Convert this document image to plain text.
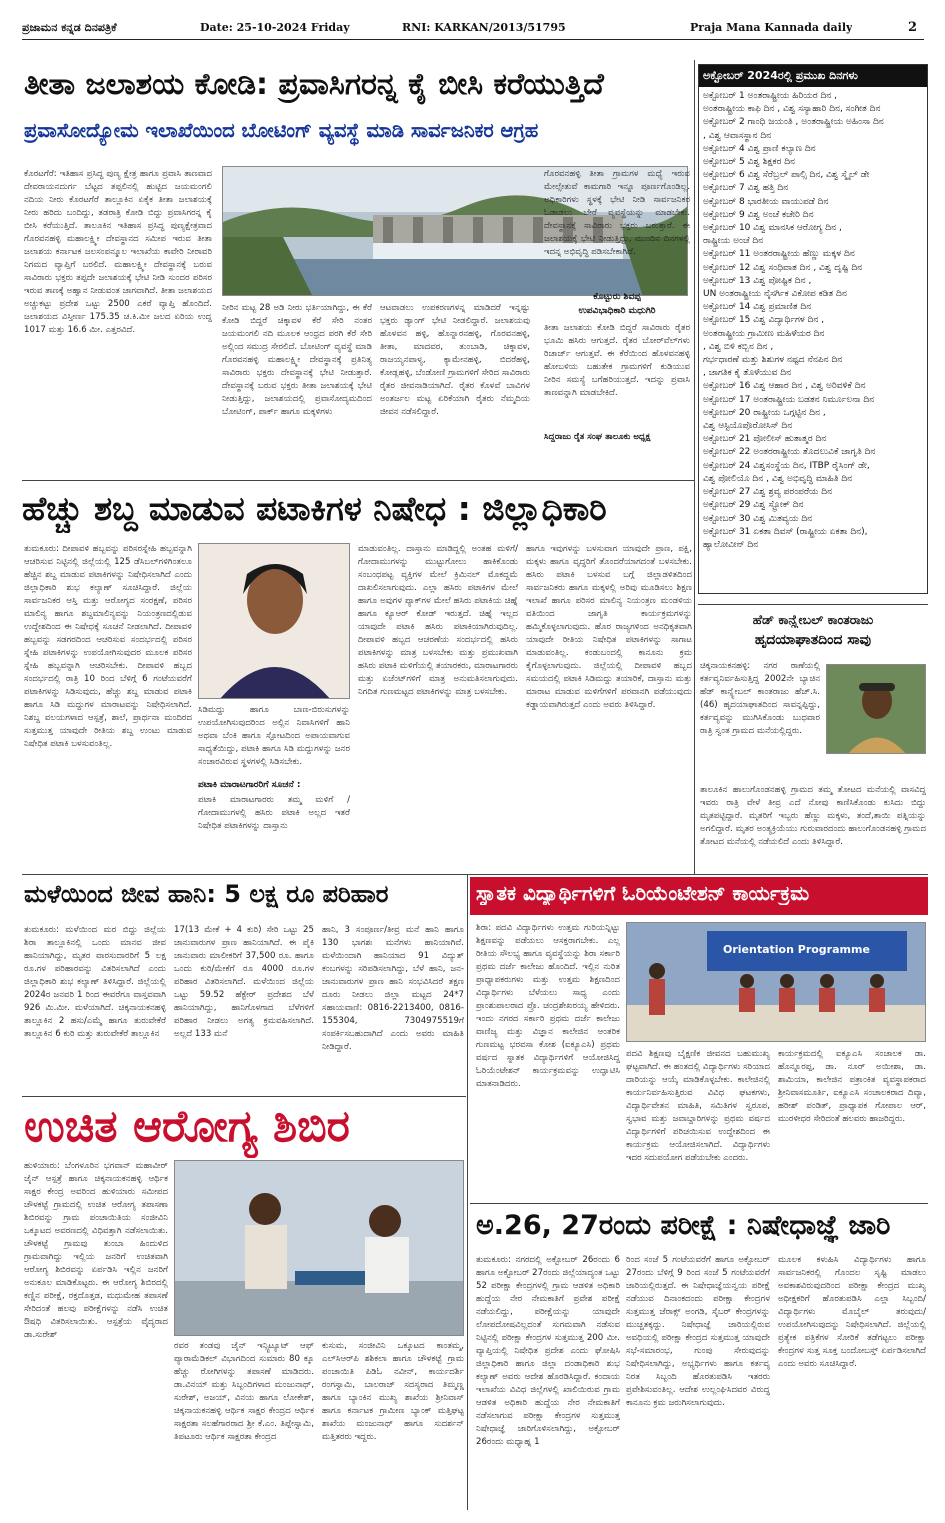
ಪ್ರಜಾಮನ ಕನ್ನಡ ದಿನಪತ್ರಿಕೆ	Date: 25-10-2024 Friday	RNI: KARKAN/2013/51795	Praja Mana Kannada daily	2
ತೀತಾ ಜಲಾಶಯ ಕೋಡಿ: ಪ್ರವಾಸಿಗರನ್ನ ಕೈ ಬೀಸಿ ಕರೆಯುತ್ತಿದೆ
ಪ್ರವಾಸೋದ್ಯೋಮ ಇಲಾಖೆಯಿಂದ ಬೋಟಿಂಗ್ ವ್ಯವಸ್ಥೆ ಮಾಡಿ ಸಾರ್ವಜನಿಕರ ಆಗ್ರಹ
ಕೊರಟಗೆರೆ: ಇತಿಹಾಸ ಪ್ರಸಿದ್ಧ ಪುಣ್ಯ ಕ್ಷೇತ್ರ ಹಾಗೂ ಪ್ರವಾಸಿ ತಾಣವಾದ ದೇವರಾಯನದುರ್ಗ ಬೆಟ್ಟದ ತಪ್ಪಲಿನಲ್ಲಿ ಹುಟ್ಟಿದ ಜಯಮಂಗಲಿ ನದಿಯ ನೀರು ಕೊರಟಗೆರೆ ತಾಲ್ಲೂಕಿನ ಏಕೈಕ ತೀತಾ ಜಲಾಶಯಕ್ಕೆ ನೀರು ಹರಿದು ಬಂದಿದ್ದು, ತಡರಾತ್ರಿ ಕೋಡಿ ಬಿದ್ದು ಪ್ರವಾಸಿಗರನ್ನ ಕೈ ಬೀಸಿ ಕರೆಯುತ್ತಿದೆ. ತಾಲೂಕಿನ ಇತಿಹಾಸ ಪ್ರಸಿದ್ಧ ಪುಣ್ಯಕ್ಷೇತ್ರವಾದ ಗೊರವನಹಳ್ಳಿ ಮಹಾಲಕ್ಷ್ಮೀ ದೇವಸ್ಥಾನದ ಸಮೀಪ ಇರುವ ತೀತಾ ಜಲಾಶಯ ಕರ್ನಾಟಕ ಜಲಸಂಪನ್ಮೂಲ ಇಲಾಖೆಯ ಕಾವೇರಿ ನೀರಾವರಿ ನಿಗಮದ ವ್ಯಾಪ್ತಿಗೆ ಬರಲಿದೆ. ಮಹಾಲಕ್ಷ್ಮೀ ದೇವಸ್ಥಾನಕ್ಕೆ ಬರುವ ಸಾವಿರಾರು ಭಕ್ತರು ತಪ್ಪದೇ ಜಲಾಶಯಕ್ಕೆ ಭೇಟಿ ನೀಡಿ ಸುಂದರ ಪರಿಸರ ಇರುವ ತಾಣಕ್ಕೆ ಅಹ್ವಾನ ನೀಡುವಂತ ಜಾಗವಾಗಿದೆ. ತೀತಾ ಜಲಾಶಯದ ಅಚ್ಚುಕಟ್ಟು ಪ್ರದೇಶ ಒಟ್ಟು 2500 ಎಕರೆ ವ್ಯಾಪ್ತಿ ಹೊಂದಿದೆ. ಜಲಾಶಯದ ವಿಸ್ತೀರ್ಣ 175.35 ಚ.ಕಿ.ಮೀ ಜಲದ ಏರಿಯ ಉದ್ದ 1017 ಮತ್ತು 16.6 ಮೀ. ಎತ್ತರವಿದೆ.
ನೀರಿನ ಮಟ್ಟ 28 ಅಡಿ ನೀರು ಭರ್ತಿಯಾಗಿದ್ದು, ಈ ಕೆರೆ ಕೋಡಿ ಬಿದ್ದರೆ ಚಿಕ್ಕಾವಳ ಕೆರೆ ಸೇರಿ ನಂತರ ಜಯಮಂಗಲಿ ನದಿ ಮೂಲಕ ಆಂಧ್ರದ ಪರಗಿ ಕೆರೆ ಸೇರಿ ಅಲ್ಲಿಂದ ಸಮುದ್ರ ಸೇರಲಿದೆ. ಬೋಟಿಂಗ್ ವ್ಯವಸ್ಥೆ ಮಾಡಿ ಗೊರವನಹಳ್ಳಿ ಮಹಾಲಕ್ಷ್ಮೀ ದೇವಸ್ಥಾನಕ್ಕೆ ಪ್ರತಿನಿತ್ಯ ಸಾವಿರಾರು ಭಕ್ತರು ದೇವಸ್ಥಾನಕ್ಕೆ ಭೇಟಿ ನೀಡುತ್ತಾರೆ. ದೇವಸ್ಥಾನಕ್ಕೆ ಬರುವ ಭಕ್ತರು ತೀತಾ ಜಲಾಶಯಕ್ಕೆ ಭೇಟಿ ನೀಡುತ್ತಿದ್ದು, ಜಲಾಶಯದಲ್ಲಿ ಪ್ರವಾಸೋದ್ಯಮದಿಂದ ಬೋಟಿಂಗ್, ಪಾರ್ಕ್ ಹಾಗೂ ಮಕ್ಕಳಿಗಳು
ಆಟವಾಡಲು ಉಪಕರಣಗಳನ್ನ ಮಾಡಿದರೆ ಇನ್ನಷ್ಟು ಭಕ್ತರು ಡ್ಯಾಂಗ್ ಭೇಟಿ ನೀಡಲಿದ್ದಾರೆ. ಜಲಾಶಯವು ಹೊಳವನ ಹಳ್ಳಿ, ಹೊನ್ನಾರನಹಳ್ಳಿ, ಗೊರವನಹಳ್ಳಿ, ತೀತಾ, ಮಾದವರ, ತುಂಬಾಡಿ, ಚಿಕ್ಕಾವಳ, ರಾಜಯ್ಯನಪಾಳ್ಯ, ಕ್ಯಾಮೇನಹಳ್ಳಿ, ಬಿದರೆಹಳ್ಳಿ, ಕೋಡ್ಲಹಳ್ಳಿ, ಬೆಂಡೋಣಿ ಗ್ರಾಮಗಳಿಗೆ ಸೇರಿದ ಸಾವಿರಾರು ರೈತರ ಜೀವನಾಡಿಯಾಗಿದೆ. ರೈತರ ಕೊಳವೆ ಬಾವಿಗಳ ಅಂತರ್ಜಲ ಮಟ್ಟ ಏರಿಕೆಯಾಗಿ ರೈತರು ನೆಮ್ಮದಿಯ ಜೀವನ ನಡೆಸಲಿದ್ದಾರೆ.
ಗೊರವನಹಳ್ಳಿ ತೀತಾ ಗ್ರಾಮಗಳ ಮಧ್ಯೆ ಇರುವ ಮೇಲ್ಸೇತುವೆ ಕಾಮಗಾರಿ ಇನ್ನೂ ಪೂರ್ಣಗೊಂಡಿಲ್ಲ. ಅಧಿಕಾರಿಗಳು ಸ್ಥಳಕ್ಕೆ ಭೇಟಿ ನೀಡಿ ಸಾರ್ವಜನಿಕರ ಓಡಾಡಲು ಬೇರೆ ವ್ಯವಸ್ಥೆಯನ್ನು ಮಾಡಬೇಕು. ದೇವಸ್ಥಾನಕ್ಕೆ ಸಾವಿರಾರು ಭಕ್ತರು ಬರುತ್ತಾರೆ. ಈ ಜಲಾಶಯಕ್ಕೆ ಭೇಟಿ ನೀಡುತ್ತಿದ್ದು, ಮುಂದಿನ ದಿನಗಳಲ್ಲಿ ಇದನ್ನ ಅಭಿವೃದ್ಧಿ ಪಡಿಸಬೇಕಾಗಿದೆ.
ಕೊಟ್ಟುರು ಶಿವಪ್ಪ
ಉಪವಿಭಾಧಿಕಾರಿ ಮಧುಗಿರಿ
ತೀತಾ ಜಲಾಶಯ ಕೋಡಿ ಬಿದ್ದರೆ ಸಾವಿರಾರು ರೈತರ ಭೂಮಿ ಹಸಿರು ಆಗುತ್ತದೆ. ರೈತರ ಬೋರ್‌ವೆಲ್‌ಗಳು ರಿಚಾರ್ಜ್ ಆಗುತ್ತವೆ. ಈ ಕೆರೆಯಿಂದ ಹೊಳವನಹಳ್ಳಿ ಹೋಬಳಿಯ ಬಹುತೇಕ ಗ್ರಾಮಗಳಿಗೆ ಕುಡಿಯುವ ನೀರಿನ ಸಮಸ್ಯೆ ಬಗೆಹರಿಯುತ್ತದೆ. ಇದನ್ನು ಪ್ರವಾಸಿ ತಾಣವನ್ನಾಗಿ ಮಾಡಬೇಕಿದೆ.
ಸಿದ್ದರಾಜು ರೈತ ಸಂಘ ತಾಲೂಕು ಅಧ್ಯಕ್ಷ
ಅಕ್ಟೋಬರ್ 2024ರಲ್ಲಿ ಪ್ರಮುಖ ದಿನಗಳು
ಅಕ್ಟೋಬರ್ 1 ಅಂತರಾಷ್ಟ್ರೀಯ ಹಿರಿಯರ ದಿನ ,
ಅಂತರಾಷ್ಟ್ರೀಯ ಕಾಫಿ ದಿನ , ವಿಶ್ವ ಸಸ್ಯಾಹಾರಿ ದಿನ, ಸಂಗೀತ ದಿನ
ಅಕ್ಟೋಬರ್ 2 ಗಾಂಧಿ ಜಯಂತಿ , ಅಂತರಾಷ್ಟ್ರೀಯ ಅಹಿಂಸಾ ದಿನ
, ವಿಶ್ವ ಆವಾಸಸ್ಥಾನ ದಿನ
ಅಕ್ಟೋಬರ್ 4 ವಿಶ್ವ ಪ್ರಾಣಿ ಕಲ್ಯಾಣ ದಿನ
ಅಕ್ಟೋಬರ್ 5 ವಿಶ್ವ ಶಿಕ್ಷಕರ ದಿನ
ಅಕ್ಟೋಬರ್ 6 ವಿಶ್ವ ಸೆರೆಬ್ರಲ್ ಪಾಲ್ಸಿ ದಿನ, ವಿಶ್ವ ಸ್ಮೈಲ್ ಡೇ
ಅಕ್ಟೋಬರ್ 7 ವಿಶ್ವ ಹತ್ತಿ ದಿನ
ಅಕ್ಟೋಬರ್ 8 ಭಾರತೀಯ ವಾಯುಪಡೆ ದಿನ
ಅಕ್ಟೋಬರ್ 9 ವಿಶ್ವ ಅಂಚೆ ಕಚೇರಿ ದಿನ
ಅಕ್ಟೋಬರ್ 10 ವಿಶ್ವ ಮಾನಸಿಕ ಆರೋಗ್ಯ ದಿನ ,
ರಾಷ್ಟ್ರೀಯ ಅಂಚೆ ದಿನ
ಅಕ್ಟೋಬರ್ 11 ಅಂತರರಾಷ್ಟ್ರೀಯ ಹೆಣ್ಣು ಮಕ್ಕಳ ದಿನ
ಅಕ್ಟೋಬರ್ 12 ವಿಶ್ವ ಸಂಧಿವಾತ ದಿನ , ವಿಶ್ವ ದೃಷ್ಟಿ ದಿನ
ಅಕ್ಟೋಬರ್ 13 ವಿಶ್ವ ಪೋಷ್ಟಿಕ ದಿನ ,
UN ಅಂತರಾಷ್ಟ್ರೀಯ ನೈಸರ್ಗಿಕ ವಿಕೋಪ ಕಡಿತ ದಿನ
ಅಕ್ಟೋಬರ್ 14 ವಿಶ್ವ ಪ್ರಮಾಣಿತ ದಿನ
ಅಕ್ಟೋಬರ್ 15 ವಿಶ್ವ ವಿದ್ಯಾರ್ಥಿಗಳ ದಿನ ,
ಅಂತರಾಷ್ಟ್ರೀಯ ಗ್ರಾಮೀಣ ಮಹಿಳೆಯರ ದಿನ
, ವಿಶ್ವ ಬಿಳಿ ಕಬ್ಬಿನ ದಿನ ,
ಗರ್ಭಧಾರಣೆ ಮತ್ತು ಶಿಶುಗಳ ನಷ್ಟದ ನೆನಪಿನ ದಿನ
, ಜಾಗತಿಕ ಕೈ ತೊಳೆಯುವ ದಿನ
ಅಕ್ಟೋಬರ್ 16 ವಿಶ್ವ ಆಹಾರ ದಿನ , ವಿಶ್ವ ಅರಿವಳಿಕೆ ದಿನ
ಅಕ್ಟೋಬರ್ 17 ಅಂತರಾಷ್ಟ್ರೀಯ ಬಡತನ ನಿರ್ಮೂಲನಾ ದಿನ
ಅಕ್ಟೋಬರ್ 20 ರಾಷ್ಟ್ರೀಯ ಒಗ್ಗಟ್ಟಿನ ದಿನ ,
ವಿಶ್ವ ಆಸ್ಟಿಯೊಪೊರೋಸಿಸ್ ದಿನ
ಅಕ್ಟೋಬರ್ 21 ಪೋಲೀಸ್ ಹುತಾತ್ಮರ ದಿನ
ಅಕ್ಟೋಬರ್ 22 ಅಂತರರಾಷ್ಟ್ರೀಯ ತೊದಲುವಿಕೆ ಜಾಗೃತಿ ದಿನ
ಅಕ್ಟೋಬರ್ 24 ವಿಶ್ವಸಂಸ್ಥೆಯ ದಿನ, ITBP ರೈಸಿಂಗ್ ಡೇ,
ವಿಶ್ವ ಪೋಲಿಯೊ ದಿನ , ವಿಶ್ವ ಅಭಿವೃದ್ಧಿ ಮಾಹಿತಿ ದಿನ
ಅಕ್ಟೋಬರ್ 27 ವಿಶ್ವ ಶ್ರವ್ಯ ಪರಂಪರೆಯ ದಿನ
ಅಕ್ಟೋಬರ್ 29 ವಿಶ್ವ ಸ್ಟ್ರೋಕ್ ದಿನ
ಅಕ್ಟೋಬರ್ 30 ವಿಶ್ವ ಮಿತವ್ಯಯ ದಿನ
ಅಕ್ಟೋಬರ್ 31 ಏಕತಾ ದಿವಸ್ (ರಾಷ್ಟ್ರೀಯ ಏಕತಾ ದಿನ),
ಹ್ಯಾಲೋವೀನ್ ದಿನ
ಹೆಡ್ ಕಾನ್ಸ್ಟೇಬಲ್ ಕಾಂತರಾಜು
ಹೃದಯಾಘಾತದಿಂದ ಸಾವು
ಚಿಕ್ಕನಾಯಕನಹಳ್ಳಿ: ನಗರ ಠಾಣೆಯಲ್ಲಿ ಕರ್ತವ್ಯನಿರ್ವಹಿಸುತ್ತಿದ್ದ 2002ನೇ ಬ್ಯಾಚಿನ ಹೆಡ್ ಕಾನ್ಸ್ಟೇಬಲ್ ಕಾಂತರಾಜು ಹೆಚ್.ಸಿ. (46) ಹೃದಯಾಘಾತದಿಂದ ಸಾವನ್ನಪ್ಪಿದ್ದು, ಕರ್ತವ್ಯವನ್ನು ಮುಗಿಸಿಕೊಂಡು ಬುಧವಾರ ರಾತ್ರಿ ಸ್ವಂತ ಗ್ರಾಮದ ಮನೆಯಲ್ಲಿದ್ದರು.
ತಾಲೂಕಿನ ಹಾಲುಗೊಂಡನಹಳ್ಳಿ ಗ್ರಾಮದ ತಮ್ಮ ತೋಟದ ಮನೆಯಲ್ಲಿ ವಾಸವಿದ್ದ ಇವರು ರಾತ್ರಿ ವೇಳೆ ತೀವ್ರ ಎದೆ ನೋವು ಕಾಣಿಸಿಕೊಂಡು ಕುಸಿದು ಬಿದ್ದು ಮೃತಪಟ್ಟಿದ್ದಾರೆ. ಮೃತರಿಗೆ ಇಬ್ಬರು ಹೆಣ್ಣು ಮಕ್ಕಳು, ತಂದೆ,ತಾಯಿ ಪತ್ನಿಯನ್ನು ಅಗಲಿದ್ದಾರೆ. ಮೃತರ ಅಂತ್ಯಕ್ರಿಯೆಯು ಗುರುವಾರದಂದು ಹಾಲುಗೊಂಡನಹಳ್ಳಿ ಗ್ರಾಮದ ತೋಟದ ಮನೆಯಲ್ಲಿ ನಡೆಯಲಿದೆ ಎಂದು ತಿಳಿಸಿದ್ದಾರೆ.
ಹೆಚ್ಚು ಶಬ್ದ ಮಾಡುವ ಪಟಾಕಿಗಳ ನಿಷೇಧ : ಜಿಲ್ಲಾಧಿಕಾರಿ
ತುಮಕೂರು: ದೀಪಾವಳಿ ಹಬ್ಬವನ್ನು ಪರಿಸರಸ್ನೇಹಿ ಹಬ್ಬವನ್ನಾಗಿ ಆಚರಿಸುವ ನಿಟ್ಟಿನಲ್ಲಿ ಜಿಲ್ಲೆಯಲ್ಲಿ 125 ಡೆಸಿಬಲ್‌ಗಳಿಗಿಂತಲೂ ಹೆಚ್ಚಿನ ಶಬ್ದ ಮಾಡುವ ಪಟಾಕಿಗಳನ್ನು ನಿಷೇಧಿಸಲಾಗಿದೆ ಎಂದು ಜಿಲ್ಲಾಧಿಕಾರಿ ಶುಭ ಕಲ್ಯಾಣ್ ಸೂಚಿಸಿದ್ದಾರೆ. ಜಿಲ್ಲೆಯ ಸಾರ್ವಜನಿಕರ ಆಸ್ತಿ ಮತ್ತು ಆರೋಗ್ಯದ ಸಂರಕ್ಷಣೆ, ಪರಿಸರ ಮಾಲಿನ್ಯ ಹಾಗೂ ಶಬ್ದಮಾಲಿನ್ಯವನ್ನು ನಿಯಂತ್ರಣದಲ್ಲಿಡುವ ಉದ್ದೇಶದಿಂದ ಈ ನಿಷೇಧಕ್ಕೆ ಸೂಚನೆ ನೀಡಲಾಗಿದೆ. ದೀಪಾವಳಿ ಹಬ್ಬವನ್ನು ಸಡಗರದಿಂದ ಆಚರಿಸುವ ಸಂದರ್ಭದಲ್ಲಿ ಪರಿಸರ ಸ್ನೇಹಿ ಪಟಾಕಿಗಳನ್ನು ಉಪಯೋಗಿಸುವುದರ ಮೂಲಕ ಪರಿಸರ ಸ್ನೇಹಿ ಹಬ್ಬವನ್ನಾಗಿ ಆಚರಿಸಬೇಕು. ದೀಪಾವಳಿ ಹಬ್ಬದ ಸಂದರ್ಭದಲ್ಲಿ ರಾತ್ರಿ 10 ರಿಂದ ಬೆಳಿಗ್ಗೆ 6 ಗಂಟೆಯವರೆಗೆ ಪಟಾಕಿಗಳನ್ನು ಸಿಡಿಸುವುದು, ಹೆಚ್ಚು ಶಬ್ದ ಮಾಡುವ ಪಟಾಕಿ ಹಾಗೂ ಸಿಡಿ ಮದ್ದುಗಳ ಮಾರಾಟವನ್ನು ನಿಷೇಧಿಸಲಾಗಿದೆ. ನಿಶಬ್ದ ವಲಯಗಳಾದ ಆಸ್ಪತ್ರೆ, ಶಾಲೆ, ಪ್ರಾರ್ಥನಾ ಮಂದಿರದ ಸುತ್ತಮುತ್ತ ಯಾವುದೇ ರೀತಿಯ ಶಬ್ದ ಉಂಟು ಮಾಡುವ ನಿಷೇಧಿತ ಪಟಾಕಿ ಬಳಸುವಂತಿಲ್ಲ.
ಸಿಡಿಮದ್ದು ಹಾಗೂ ಬಾಣ-ಬಿರುಸುಗಳನ್ನು ಉಪಯೋಗಿಸುವುದರಿಂದ ಅಲ್ಲಿನ ನಿವಾಸಿಗಳಿಗೆ ಹಾನಿ ಅಥವಾ ಬೆಂಕಿ ಹಾಗೂ ಸ್ಫೋಟದಿಂದ ಅಪಾಯವಾಗುವ ಸಾಧ್ಯತೆಯಿದ್ದು, ಪಟಾಕಿ ಹಾಗೂ ಸಿಡಿ ಮದ್ದುಗಳನ್ನು ಜನರ ಸಂಚಾರವಿರುವ ಸ್ಥಳಗಳಲ್ಲಿ ಸಿಡಿಸಬೇಕು.
ಪಟಾಕಿ ಮಾರಾಟಗಾರರಿಗೆ ಸೂಚನೆ :
ಪಟಾಕಿ ಮಾರಾಟಗಾರರು ತಮ್ಮ ಮಳಿಗೆ / ಗೋದಾಮುಗಳಲ್ಲಿ ಹಸಿರು ಪಟಾಕಿ ಅಲ್ಲದ ಇತರೆ ನಿಷೇಧಿತ ಪಟಾಕಿಗಳನ್ನು ದಾಸ್ತಾನು
ಮಾಡುವಂತಿಲ್ಲ. ದಾಸ್ತಾನು ಮಾಡಿದ್ದಲ್ಲಿ ಅಂತಹ ಮಳಿಗೆ/ಗೋದಾಮುಗಳನ್ನು ಮುಟ್ಟುಗೋಲು ಹಾಕಿಕೊಂಡು ಸಂಬಂಧಪಟ್ಟ ವ್ಯಕ್ತಿಗಳ ಮೇಲೆ ಕ್ರಿಮಿನಲ್ ಮೊಕದ್ದಮೆ ದಾಖಲಿಸಲಾಗುವುದು. ಎಲ್ಲಾ ಹಸಿರು ಪಟಾಕಿಗಳ ಮೇಲೆ ಹಾಗೂ ಅವುಗಳ ಪ್ಯಾಕ್‌ಗಳ ಮೇಲೆ ಹಸಿರು ಪಟಾಕಿಯ ಚಿಹ್ನೆ ಹಾಗೂ ಕ್ಯೂಆರ್ ಕೋಡ್ ಇರುತ್ತದೆ. ಚಿಹ್ನೆ ಇಲ್ಲದ ಯಾವುದೇ ಪಟಾಕಿ ಹಸಿರು ಪಟಾಕಿಯಾಗಿರುವುದಿಲ್ಲ. ದೀಪಾವಳಿ ಹಬ್ಬದ ಆಚರಣೆಯ ಸಂದರ್ಭದಲ್ಲಿ ಹಸಿರು ಪಟಾಕಿಗಳನ್ನು ಮಾತ್ರ ಬಳಸಬೇಕು ಮತ್ತು ಪ್ರಮುಖವಾಗಿ ಹಸಿರು ಪಟಾಕಿ ಮಳಿಗೆಯಲ್ಲಿ ತಯಾರಕರು, ಮಾರಾಟಗಾರರು ಮತ್ತು ಏಜೆಂಟ್‌ಗಳಿಗೆ ಮಾತ್ರ ಅನುಮತಿಸಲಾಗುವುದು. ನಿಗದಿತ ಗುಣಮಟ್ಟದ ಪಟಾಕಿಗಳನ್ನು ಮಾತ್ರ ಬಳಸಬೇಕು.
ಹಾಗೂ ಇವುಗಳನ್ನು ಬಳಸುವಾಗ ಯಾವುದೇ ಪ್ರಾಣ, ಪಕ್ಷಿ, ಮಕ್ಕಳು ಹಾಗೂ ವೃದ್ಧರಿಗೆ ತೊಂದರೆಯಾಗದಂತೆ ಬಳಸಬೇಕು. ಹಸಿರು ಪಟಾಕಿ ಬಳಸುವ ಬಗ್ಗೆ ಜಿಲ್ಲಾಡಳಿತದಿಂದ ಸಾರ್ವಜನಿಕರು ಹಾಗೂ ಮಕ್ಕಳಲ್ಲಿ ಅರಿವು ಮೂಡಿಸಲು ಶಿಕ್ಷಣ ಇಲಾಖೆ ಹಾಗೂ ಪರಿಸರ ಮಾಲಿನ್ಯ ನಿಯಂತ್ರಣ ಮಂಡಳಿಯ ವತಿಯಿಂದ ಜಾಗೃತಿ ಕಾರ್ಯಕ್ರಮಗಳನ್ನು ಹಮ್ಮಿಕೊಳ್ಳಲಾಗುವುದು. ಹೊರ ರಾಜ್ಯಗಳಿಂದ ಅನಧಿಕೃತವಾಗಿ ಯಾವುದೇ ರೀತಿಯ ನಿಷೇಧಿತ ಪಟಾಕಿಗಳನ್ನು ಸಾಗಾಟ ಮಾಡುವಂತಿಲ್ಲ. ಕಂಡುಬಂದಲ್ಲಿ ಕಾನೂನು ಕ್ರಮ ಕೈಗೊಳ್ಳಲಾಗುವುದು. ಜಿಲ್ಲೆಯಲ್ಲಿ ದೀಪಾವಳಿ ಹಬ್ಬದ ಸಮಯದಲ್ಲಿ ಪಟಾಕಿ ಸಿಡಿಮದ್ದು ತಯಾರಿಕೆ, ದಾಸ್ತಾನು ಮತ್ತು ಮಾರಾಟ ಮಾಡುವ ಮಳಿಗೆಗಳಿಗೆ ಪರವಾನಗಿ ಪಡೆಯುವುದು ಕಡ್ಡಾಯವಾಗಿರುತ್ತದೆ ಎಂದು ಅವರು ತಿಳಿಸಿದ್ದಾರೆ.
ಮಳೆಯಿಂದ ಜೀವ ಹಾನಿ: 5 ಲಕ್ಷ ರೂ ಪರಿಹಾರ
ತುಮಕೂರು: ಮಳೆಯಿಂದ ಮರ ಬಿದ್ದು ಜಿಲ್ಲೆಯ ಶಿರಾ ತಾಲ್ಲೂಕಿನಲ್ಲಿ ಒಂದು ಮಾನವ ಜೀವ ಹಾನಿಯಾಗಿದ್ದು, ಮೃತರ ವಾರಸುದಾರರಿಗೆ 5 ಲಕ್ಷ ರೂ.ಗಳ ಪರಿಹಾರವನ್ನು ವಿತರಿಸಲಾಗಿದೆ ಎಂದು ಜಿಲ್ಲಾಧಿಕಾರಿ ಶುಭ ಕಲ್ಯಾಣ್ ತಿಳಿಸಿದ್ದಾರೆ. ಜಿಲ್ಲೆಯಲ್ಲಿ 2024ರ ಜನವರಿ 1 ರಿಂದ ಈವರೆಗೂ ವಾಸ್ತವವಾಗಿ 926 ಮಿ.ಮೀ. ಮಳೆಯಾಗಿದೆ. ಚಿಕ್ಕನಾಯಕನಹಳ್ಳಿ ತಾಲ್ಲೂಕಿನ 2 ಹಸು/ಎಮ್ಮೆ ಹಾಗೂ ತುರುವೇಕೆರೆ ತಾಲ್ಲೂಕಿನ 6 ಕುರಿ ಮತ್ತು ತುರುವೇಕೆರೆ ತಾಲ್ಲೂಕಿನ
17(13 ಮೇಕೆ + 4 ಕುರಿ) ಸೇರಿ ಒಟ್ಟು 25 ಜಾನುವಾರುಗಳ ಪ್ರಾಣ ಹಾನಿಯಾಗಿದೆ. ಈ ಪೈಕಿ ಜಾನುವಾರು ಮಾಲೀಕರಿಗೆ 37,500 ರೂ. ಹಾಗೂ ಒಂದು ಕುರಿ/ಮೇಕೆಗೆ ರೂ 4000 ರೂ.ಗಳ ಪರಿಹಾರ ವಿತರಿಸಲಾಗಿದೆ. ಮಳೆಯಿಂದ ಜಿಲ್ಲೆಯ ಒಟ್ಟು 59.52 ಹೆಕ್ಟೇರ್ ಪ್ರದೇಶದ ಬೆಳೆ ಹಾನಿಯಾಗಿದ್ದು, ಹಾನಿಗೊಳಗಾದ ಬೆಳೆಗಳಿಗೆ ಪರಿಹಾರ ನೀಡಲು ಅಗತ್ಯ ಕ್ರಮವಹಿಸಲಾಗಿದೆ. ಅಲ್ಲದೆ 133 ಮನೆ
ಹಾನಿ, 3 ಸಂಪೂರ್ಣ/ತೀವ್ರ ಮನೆ ಹಾನಿ ಹಾಗೂ 130 ಭಾಗಶಃ ಮನೆಗಳು ಹಾನಿಯಾಗಿವೆ. ಮಳೆಯಿಂದಾಗಿ ಹಾನಿಯಾದ 91 ವಿದ್ಯುತ್ ಕಂಬಗಳನ್ನು ಸರಿಪಡಿಸಲಾಗಿದ್ದು, ಬೆಳೆ ಹಾನಿ, ಜನ-ಜಾನುವಾರುಗಳ ಪ್ರಾಣ ಹಾನಿ ಸಂಭವಿಸಿದರೆ ತಕ್ಷಣ ದೂರು ನೀಡಲು ಜಿಲ್ಲಾ ಮಟ್ಟದ 24*7 ಸಹಾಯವಾಣಿ: 0816-2213400, 0816-155304, 7304975519ಗೆ ಸಂಪರ್ಕಿಸಬಹುದಾಗಿದೆ ಎಂದು ಅವರು ಮಾಹಿತಿ ನೀಡಿದ್ದಾರೆ.
ಸ್ನಾತಕ ವಿದ್ಯಾರ್ಥಿಗಳಿಗೆ ಓರಿಯೆಂಟೇಶನ್ ಕಾರ್ಯಕ್ರಮ
ಶಿರಾ: ಪದವಿ ವಿದ್ಯಾರ್ಥಿಗಳು ಉತ್ತಮ ಗುರಿಯನ್ನಿಟ್ಟು ಶಿಕ್ಷಣವನ್ನು ಪಡೆಯಲು ಆಸಕ್ತರಾಗಬೇಕು. ಎಲ್ಲ ರೀತಿಯ ಸೌಲಭ್ಯ ಹಾಗೂ ವ್ಯವಸ್ಥೆಯನ್ನು ಶಿರಾ ಸರ್ಕಾರಿ ಪ್ರಥಮ ದರ್ಜೆ ಕಾಲೇಜು ಹೊಂದಿದೆ. ಇಲ್ಲಿನ ನುರಿತ ಪ್ರಾಧ್ಯಾಪಕರುಗಳು ಮತ್ತು ಉತ್ತಮ ಶಿಕ್ಷಣದಿಂದ ವಿದ್ಯಾರ್ಥಿಗಳು ಬೆಳೆಯಲು ಸಾಧ್ಯ ಎಂದು ಪ್ರಾಂಶುಪಾಲರಾದ ಪ್ರೊ. ಚಂದ್ರಶೇಖರಯ್ಯ ಹೇಳಿದರು. ಇಂದು ನಗರದ ಸರ್ಕಾರಿ ಪ್ರಥಮ ದರ್ಜೆ ಕಾಲೇಜು ವಾಣಿಜ್ಯ ಮತ್ತು ವಿಜ್ಞಾನ ಕಾಲೇಜಿನ ಆಂತರಿಕ ಗುಣಮಟ್ಟ ಭರವಸಾ ಕೋಶ (ಐಕ್ಯೂಎಸಿ) ಪ್ರಥಮ ವರ್ಷದ ಸ್ನಾತಕ ವಿದ್ಯಾರ್ಥಿಗಳಿಗೆ ಆಯೋಜಿಸಿದ್ದ ಓರಿಯೆಂಟೇಶನ್ ಕಾರ್ಯಕ್ರಮವನ್ನು ಉದ್ಘಾಟಿಸಿ ಮಾತನಾಡಿದರು.
Orientation Programme
ಪದವಿ ಶಿಕ್ಷಣವು ಬೈಕ್ಷಣಿಕ ಜೀವನದ ಬಹುಮುಖ್ಯ ಘಟ್ಟವಾಗಿದೆ. ಈ ಹಂತದಲ್ಲಿ ವಿದ್ಯಾರ್ಥಿಗಳು ಸರಿಯಾದ ದಾರಿಯನ್ನು ಆಯ್ಕೆ ಮಾಡಿಕೊಳ್ಳಬೇಕು. ಕಾಲೇಜಿನಲ್ಲಿ ಕಾರ್ಯನಿರ್ವಹಿಸುತ್ತಿರುವ ವಿವಿಧ ಘಟಕಗಳು, ವಿದ್ಯಾರ್ಥಿವೇತನ ಮಾಹಿತಿ, ಸಮಿತಿಗಳ ಸ್ವರೂಪ, ಸ್ವಭಾವ ಮತ್ತು ಜವಾಬ್ದಾರಿಗಳನ್ನು ಪ್ರಥಮ ವರ್ಷದ ವಿದ್ಯಾರ್ಥಿಗಳಿಗೆ ಪರಿಚಯಿಸುವ ಉದ್ದೇಶದಿಂದ ಈ ಕಾರ್ಯಕ್ರಮ ಆಯೋಜಿಸಲಾಗಿದೆ. ವಿದ್ಯಾರ್ಥಿಗಳು ಇದರ ಸದುಪಯೋಗ ಪಡೆಯಬೇಕು ಎಂದರು.
ಕಾರ್ಯಕ್ರಮದಲ್ಲಿ ಐಕ್ಯೂಎಸಿ ಸಂಚಾಲಕ ಡಾ. ಹೊನ್ನೂರಪ್ಪ, ಡಾ. ನೂರ್ ಅಯೀಶಾ, ಡಾ. ಶಾಮಿಯಾ, ಕಾಲೇಜಿನ ಪತ್ರಾಂಕಿತ ವ್ಯವಸ್ಥಾಪಕರಾದ ಶ್ರೀನಿವಾಸಮೂರ್ತಿ, ಐಕ್ಯೂಎಸಿ ಸಂಚಾಲಕರಾದ ದಿವ್ಯಾ, ಹರೀಶ್ ಪಂಡಿತ್, ಪ್ರಾಧ್ಯಾಪಕ ಗೋಪಾಲ ಆರ್, ಮುರಳೀಧರ ಸೇರಿದಂತೆ ಹಲವರು ಹಾಜರಿದ್ದರು.
ಉಚಿತ ಆರೋಗ್ಯ ಶಿಬಿರ
ಹುಳಿಯಾರು: ಬೆಂಗಳೂರಿನ ಭಗವಾನ್ ಮಹಾವೀರ್ ಜೈನ್ ಆಸ್ಪತ್ರೆ ಹಾಗೂ ಚಿಕ್ಕನಾಯಕನಹಳ್ಳಿ ಆರ್ಥಿಕ ಸಾಕ್ಷರ ಕೇಂದ್ರ ಅವರಿಂದ ಹುಳಿಯಾರು ಸಮೀಪದ ಚೌಳಕಟ್ಟೆ ಗ್ರಾಮದಲ್ಲಿ ಉಚಿತ ಆರೋಗ್ಯ ತಪಾಸಣಾ ಶಿಬಿರವನ್ನು ಗ್ರಾಮ ಪಂಚಾಯಿತಿಯ ಸಂಜೀವಿನಿ ಒಕ್ಕೂಟದ ಅವರಣದಲ್ಲಿ ವಿಧಿವತ್ತಾಗಿ ನಡೆಸಲಾಯಿತು. ಚೌಳಕಟ್ಟೆ ಗ್ರಾಮವು ತುಂಬಾ ಹಿಂದುಳಿದ ಗ್ರಾಮವಾಗಿದ್ದು ಇಲ್ಲಿಯ ಜನರಿಗೆ ಉಚಿತವಾಗಿ ಆರೋಗ್ಯ ಶಿಬಿರವನ್ನು ಏರ್ಪಡಿಸಿ ಇಲ್ಲಿನ ಜನರಿಗೆ ಅನುಕೂಲ ಮಾಡಿಕೊಟ್ಟರು. ಈ ಆರೋಗ್ಯ ಶಿಬಿರದಲ್ಲಿ ಕಣ್ಣಿನ ಪರೀಕ್ಷೆ, ರಕ್ತದೊತ್ತಡ, ಮಧುಮೇಹ ತಪಾಸಣೆ ಸೇರಿದಂತೆ ಹಲವು ಪರೀಕ್ಷೆಗಳನ್ನು ನಡೆಸಿ ಉಚಿತ ಔಷಧಿ ವಿತರಿಸಲಾಯಿತು. ಆಸ್ಪತ್ರೆಯ ವೈದ್ಯರಾದ ಡಾ.ಸುರೇಶ್
ರವರ ತಂಡವು ಜೈನ್ ಇನ್ಸ್ಟಿಟ್ಯೂಟ್ ಆಫ್ ಪ್ಯಾರಾಮೆಡಿಕಲ್ ವಿಭಾಗದಿಂದ ಸುಮಾರು 80 ಕ್ಕೂ ಹೆಚ್ಚು ರೋಗಿಗಳನ್ನು ತಪಾಸಣೆ ಮಾಡಿದರು. ಡಾ.ವಿನಯ್ ಮತ್ತು ಸಿಬ್ಬಂದಿಗಳಾದ ಮಂಜುನಾಥ್, ಸುರೇಶ್, ಅಜಯ್, ವಿನಯ ಹಾಗೂ ಲೋಕೇಶ್, ಚಿಕ್ಕನಾಯಕನಹಳ್ಳಿ ಆರ್ಥಿಕ ಸಾಕ್ಷರ ಕೇಂದ್ರದ ಆರ್ಥಿಕ ಸಾಕ್ಷರತಾ ಸಲಹೆಗಾರರಾದ ಶ್ರೀ ಕೆ.ಎಂ. ತಿಪ್ಪೇಸ್ವಾಮಿ, ತಿಪಟೂರು ಆರ್ಥಿಕ ಸಾಕ್ಷರತಾ ಕೇಂದ್ರದ
ಕುಸುಮ, ಸಂಜೀವಿನಿ ಒಕ್ಕೂಟದ ಕಾಂತಮ್ಮ, ಎಲ್‌ಸಿಆರ್‌ಪಿ ಶಶಿಕಲಾ ಹಾಗೂ ಚೌಳಕಟ್ಟೆ ಗ್ರಾಮ ಪಂಚಾಯಿತಿ ಪಿಡಿಓ ನವೀನ್, ಕಾರ್ಯದರ್ಶಿ ರಂಗಸ್ವಾಮಿ, ಬಾಲರಾಜ್ ಸದಸ್ಯರಾದ ತಿಮ್ಮಣ್ಣ ಹಾಗೂ ಬ್ಯಾಂಕಿನ ಮುಖ್ಯ ಶಾಖೆಯ ಶ್ರೀನಿವಾಸ್ ಹಾಗೂ ಕರ್ನಾಟಕ ಗ್ರಾಮೀಣ ಬ್ಯಾಂಕ್ ಮತ್ತಿಘಟ್ಟ ಶಾಖೆಯ ಮಂಜುನಾಥ್ ಹಾಗೂ ಸುದರ್ಶನ್ ಮತ್ತಿತರರು ಇದ್ದರು.
ಅ.26, 27ರಂದು ಪರೀಕ್ಷೆ : ನಿಷೇಧಾಜ್ಞೆ ಜಾರಿ
ತುಮಕೂರು: ನಗರದಲ್ಲಿ ಅಕ್ಟೋಬರ್ 26ರಂದು 6 ಹಾಗೂ ಅಕ್ಟೋಬರ್ 27ರಂದು ಜಿಲ್ಲೆಯಾದ್ಯಂತ ಒಟ್ಟು 52 ಪರೀಕ್ಷಾ ಕೇಂದ್ರಗಳಲ್ಲಿ ಗ್ರಾಮ ಆಡಳಿತ ಅಧಿಕಾರಿ ಹುದ್ದೆಯ ನೇರ ನೇಮಕಾತಿಗೆ ಪ್ರವೇಶ ಪರೀಕ್ಷೆ ನಡೆಯಲಿದ್ದು, ಪರೀಕ್ಷೆಯನ್ನು ಯಾವುದೇ ಲೋಪದೋಷವಿಲ್ಲದಂತೆ ಸುಗಮವಾಗಿ ನಡೆಸುವ ನಿಟ್ಟಿನಲ್ಲಿ ಪರೀಕ್ಷಾ ಕೇಂದ್ರಗಳ ಸುತ್ತಮುತ್ತ 200 ಮೀ. ವ್ಯಾಪ್ತಿಯಲ್ಲಿ ನಿಷೇಧಿತ ಪ್ರದೇಶ ಎಂದು ಘೋಷಿಸಿ ಜಿಲ್ಲಾಧಿಕಾರಿ ಹಾಗೂ ಜಿಲ್ಲಾ ದಂಡಾಧಿಕಾರಿ ಶುಭ ಕಲ್ಯಾಣ್ ಅವರು ಆದೇಶ ಹೊರಡಿಸಿದ್ದಾರೆ. ಕಂದಾಯ ಇಲಾಖೆಯ ವಿವಿಧ ಜಿಲ್ಲೆಗಳಲ್ಲಿ ಖಾಲಿಯಿರುವ ಗ್ರಾಮ ಆಡಳಿತ ಅಧಿಕಾರಿ ಹುದ್ದೆಯ ನೇರ ನೇಮಕಾತಿಗೆ ನಡೆಸಲಾಗುವ ಪರೀಕ್ಷಾ ಕೇಂದ್ರಗಳ ಸುತ್ತಮುತ್ತ ನಿಷೇಧಾಜ್ಞೆ ಜಾರಿಗೊಳಿಸಲಾಗಿದ್ದು, ಅಕ್ಟೋಬರ್ 26ರಂದು ಮಧ್ಯಾಹ್ನ 1
ರಿಂದ ಸಂಜೆ 5 ಗಂಟೆಯವರೆಗೆ ಹಾಗೂ ಅಕ್ಟೋಬರ್ 27ರಂದು ಬೆಳಿಗ್ಗೆ 9 ರಿಂದ ಸಂಜೆ 5 ಗಂಟೆಯವರೆಗೆ ಜಾರಿಯಲ್ಲಿರುತ್ತದೆ. ಈ ನಿಷೇಧಾಜ್ಞೆಯನ್ವಯ ಪರೀಕ್ಷೆ ನಡೆಯುವ ದಿನಾಂಕದಂದು ಪರೀಕ್ಷಾ ಕೇಂದ್ರಗಳ ಸುತ್ತಮುತ್ತ ಜೆರಾಕ್ಸ್ ಅಂಗಡಿ, ಸೈಬರ್ ಕೇಂದ್ರಗಳನ್ನು ಮುಚ್ಚತಕ್ಕದ್ದು. ನಿಷೇಧಾಜ್ಞೆ ಜಾರಿಯಲ್ಲಿರುವ ಅವಧಿಯಲ್ಲಿ ಪರೀಕ್ಷಾ ಕೇಂದ್ರದ ಸುತ್ತಮುತ್ತ ಯಾವುದೇ ಸಭೆ-ಸಮಾರಂಭ, ಗುಂಪು ಸೇರುವುದನ್ನು ನಿಷೇಧಿಸಲಾಗಿದ್ದು, ಅಭ್ಯರ್ಥಿಗಳು ಹಾಗೂ ಕರ್ತವ್ಯ ನಿರತ ಸಿಬ್ಬಂದಿ ಹೊರತುಪಡಿಸಿ ಇತರರು ಪ್ರವೇಶಿಸುವಂತಿಲ್ಲ. ಆದೇಶ ಉಲ್ಲಂಘಿಸಿದವರ ವಿರುದ್ಧ ಕಾನೂನು ಕ್ರಮ ಜರುಗಿಸಲಾಗುವುದು.
ಮೂಲಕ ಕಳುಹಿಸಿ ವಿದ್ಯಾರ್ಥಿಗಳು ಹಾಗೂ ಸಾರ್ವಜನಿಕರಲ್ಲಿ ಗೊಂದಲ ಸೃಷ್ಟಿ ಮಾಡಲು ಅವಕಾಶವಿರುವುದರಿಂದ ಪರೀಕ್ಷಾ ಕೇಂದ್ರದ ಮುಖ್ಯ ಅಧೀಕ್ಷಕರಿಗೆ ಹೊರತುಪಡಿಸಿ ಎಲ್ಲಾ ಸಿಬ್ಬಂದಿ/ವಿದ್ಯಾರ್ಥಿಗಳು ಮೊಬೈಲ್ ತರುವುದು/ಉಪಯೋಗಿಸುವುದನ್ನು ನಿಷೇಧಿಸಲಾಗಿದೆ. ಜಿಲ್ಲೆಯಲ್ಲಿ ಪ್ರತ್ಯೇಕ ಪತ್ರಿಕೆಗಳ ಸೋರಿಕೆ ತಡೆಗಟ್ಟಲು ಪರೀಕ್ಷಾ ಕೇಂದ್ರಗಳ ಸುತ್ತ ಸೂಕ್ತ ಬಂದೋಬಸ್ತ್ ಏರ್ಪಡಿಸಲಾಗಿದೆ ಎಂದು ಅವರು ಸೂಚಿಸಿದ್ದಾರೆ.
